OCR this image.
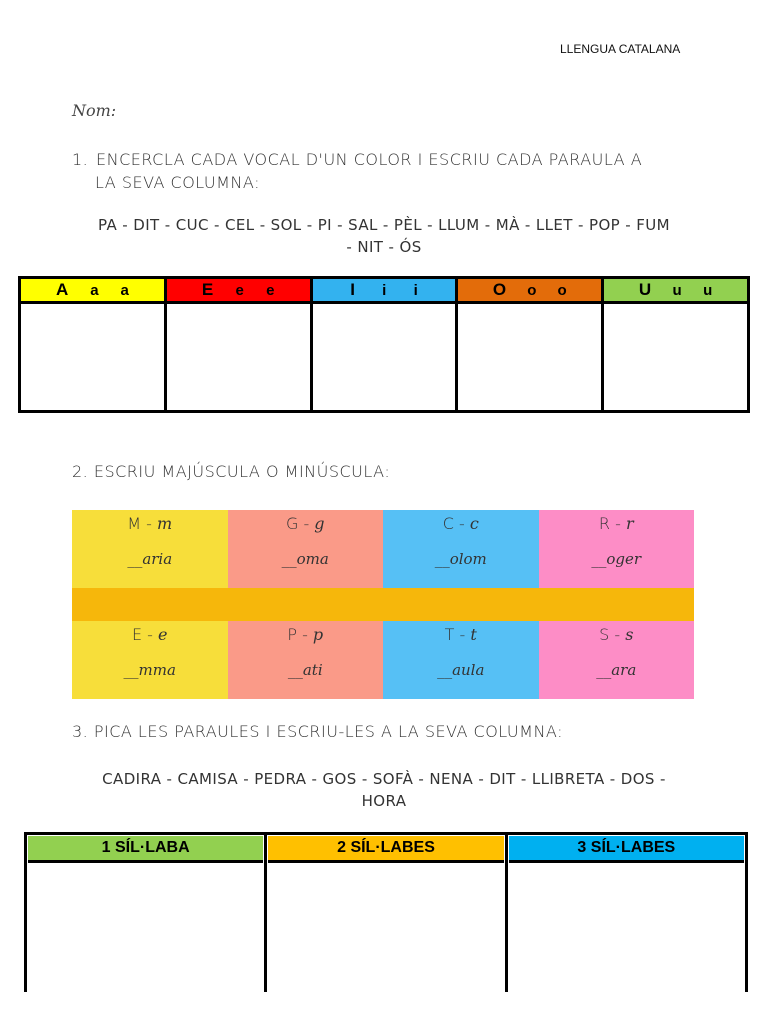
LLENGUA CATALANA
Nom:
1. ENCERCLA CADA VOCAL D'UN COLOR I ESCRIU CADA PARAULA A
LA SEVA COLUMNA:
PA - DIT - CUC - CEL - SOL - PI - SAL - PÈL - LLUM - MÀ - LLET - POP - FUM
- NIT - ÓS
A a a	E e e	I i i	O o o	U u u
2. ESCRIU MAJÚSCULA O MINÚSCULA:
M - m
__aria
G - g
__oma
C - c
__olom
R - r
__oger
E - e
__mma
P - p
__ati
T - t
__aula
S - s
__ara
3. PICA LES PARAULES I ESCRIU-LES A LA SEVA COLUMNA:
CADIRA - CAMISA - PEDRA - GOS - SOFÀ - NENA - DIT - LLIBRETA - DOS -
HORA
1 SÍL·LABA	2 SÍL·LABES	3 SÍL·LABES
